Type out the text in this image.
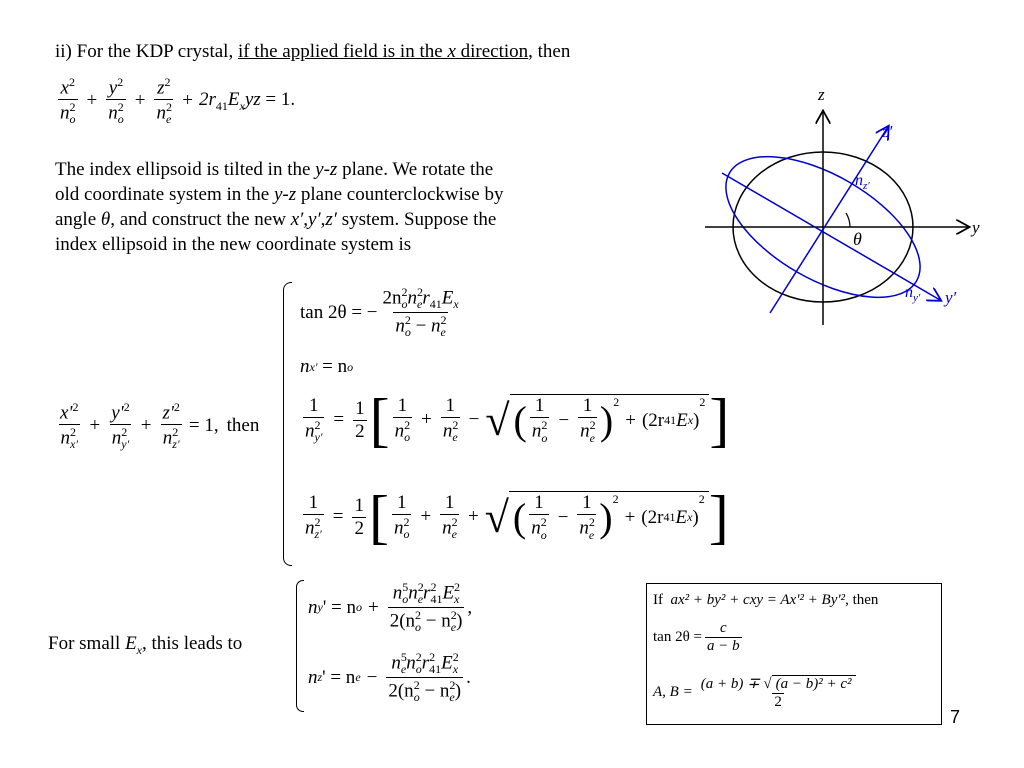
ii) For the KDP crystal, if the applied field is in the x direction, then
$\frac{x^2}{n^2_o} + \frac{y^2}{n^2_o} + \frac{z^2}{n^2_e} + 2r_{41}E_xyz = 1$.
The index ellipsoid is tilted in the y-z plane. We rotate the
old coordinate system in the y-z plane counterclockwise by
angle θ, and construct the new x′,y′,z′ system. Suppose the
index ellipsoid in the new coordinate system is
z
z′
y
y′
$n_{z'}$
$n_{y'}$
θ
$\frac{x'^2}{n^2_{x'}} + \frac{y'^2}{n^2_{y'}} + \frac{z'^2}{n^2_{z'}} = 1$, then
tan 2θ = − $\frac{2n^2_on^2_er_{41}E_x}{n^2_o - n^2_e}$
n x'
= n o
$\frac{1}{n^2_{y'}} = \frac{1}{2}$ [ $\frac{1}{n^2_o} + \frac{1}{n^2_e}$ − √ ( $\frac{1}{n^2_o} - \frac{1}{n^2_e} )^2$
+ (2r 41 E x )
$^2$ ]
$\frac{1}{n^2_{z'}} = \frac{1}{2}$ [ $\frac{1}{n^2_o} + \frac{1}{n^2_e}$ + √ ( $\frac{1}{n^2_o} - \frac{1}{n^2_e} )^2$
+ (2r 41 E x )
$^2$ ]
For small $E_x$, this leads to
n y ' = n $o + \frac{n^5_on^2_er^2_{41}E^2_x}{2(n^2_o - n^2_e)}$ ,
n z ' = n $e - \frac{n^5_en^2_or^2_{41}E^2_x}{2(n^2_o - n^2_e)}$ .
If ax² + by² + cxy = Ax'² + By'², then
$\tan 2\theta = \frac{c}{a - b}$
A, $B = \frac{\text{(a + b) ∓ √ (a − b)² + c²}}{2}$
7
